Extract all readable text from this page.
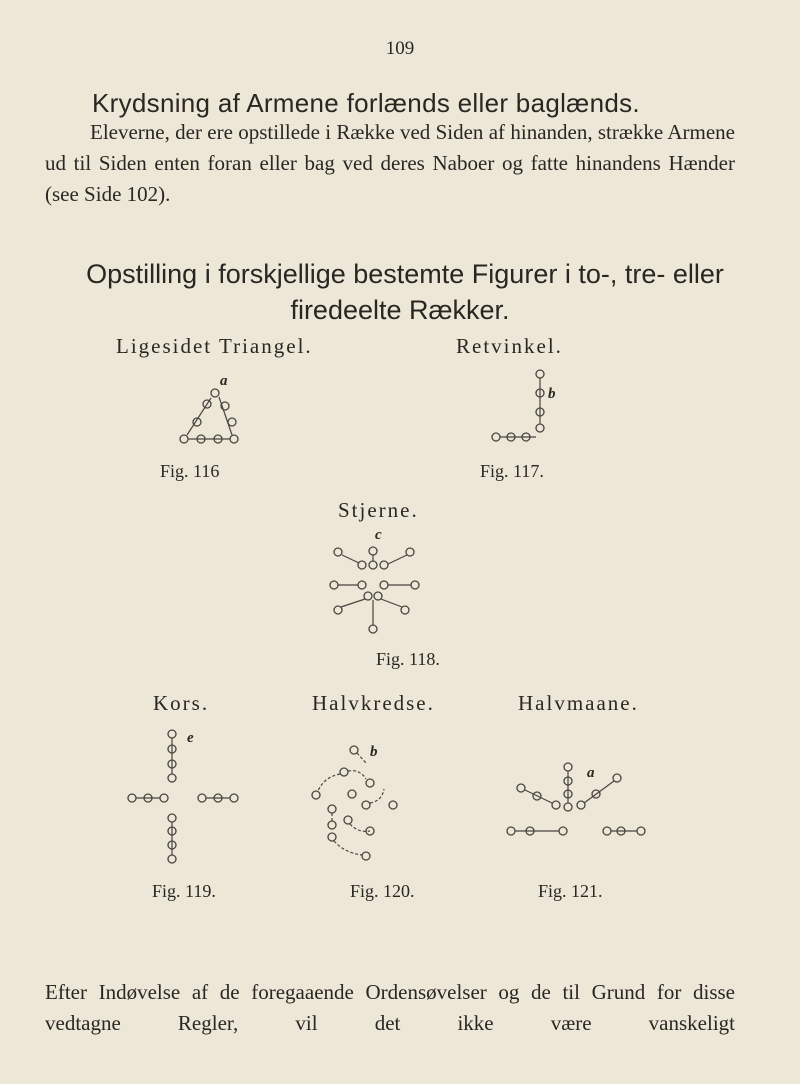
109
Krydsning af Armene forlænds eller baglænds.
Eleverne, der ere opstillede i Række ved Siden af hinanden, strække Armene ud til Siden enten foran eller bag ved deres Naboer og fatte hinandens Hænder (see Side 102).
Opstilling i forskjellige bestemte Figurer i to-, tre- eller
firedeelte Rækker.
Ligesidet Triangel.
a
Fig. 116
Retvinkel.
b
Fig. 117.
Stjerne.
c
Fig. 118.
Kors.
e
Fig. 119.
Halvkredse.
b
Fig. 120.
Halvmaane.
a
Fig. 121.
Efter Indøvelse af de foregaaende Ordensøvelser og de til Grund for disse vedtagne Regler, vil det ikke være vanskeligt
